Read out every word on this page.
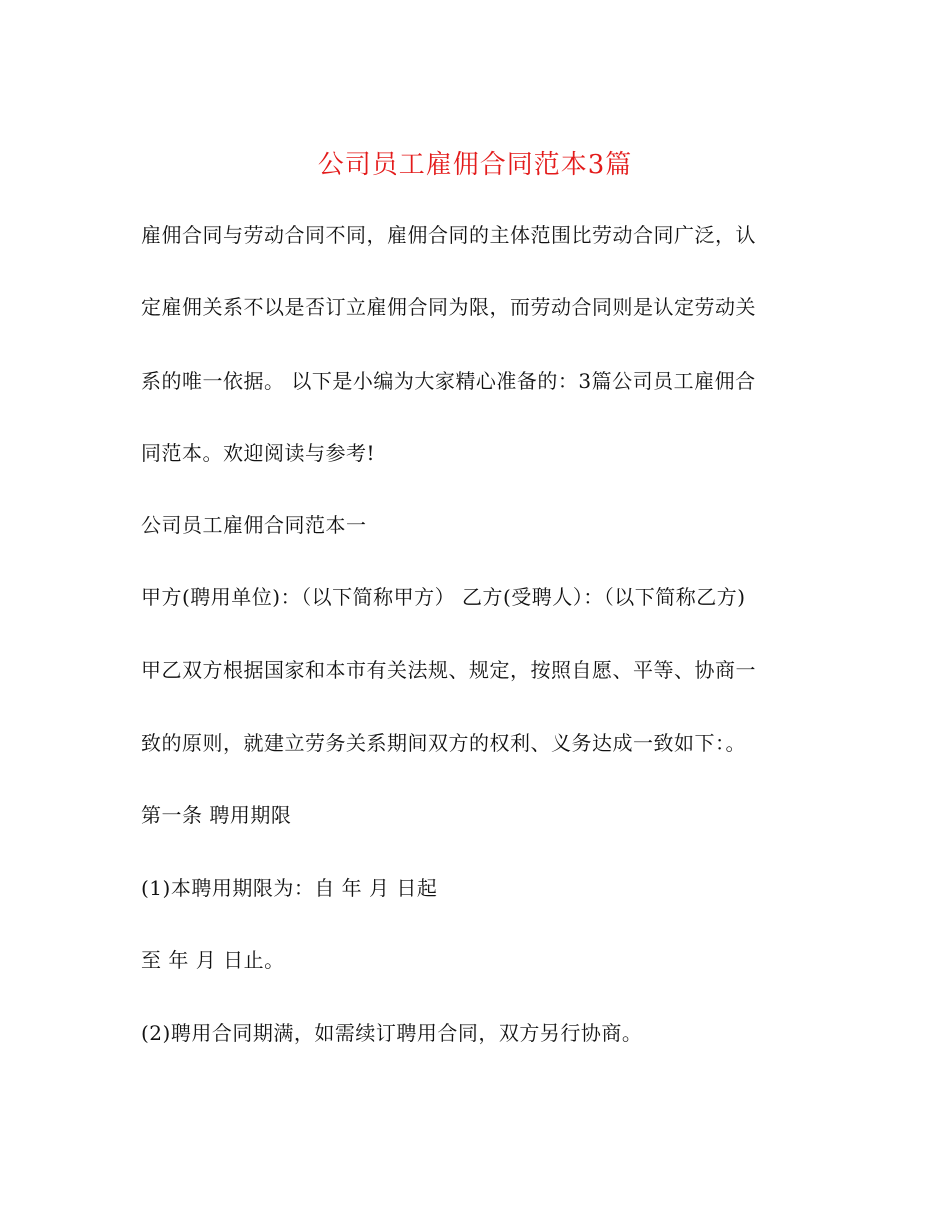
公司员工雇佣合同范本3篇
雇佣合同与劳动合同不同，雇佣合同的主体范围比劳动合同广泛，认
定雇佣关系不以是否订立雇佣合同为限，而劳动合同则是认定劳动关
系的唯一依据。 以下是小编为大家精心准备的：3篇公司员工雇佣合
同范本。欢迎阅读与参考!
公司员工雇佣合同范本一
甲方(聘用单位)：（以下简称甲方） 乙方(受聘人）：（以下简称乙方)
甲乙双方根据国家和本市有关法规、规定，按照自愿、平等、协商一
致的原则，就建立劳务关系期间双方的权利、义务达成一致如下：。
第一条 聘用期限
(1)本聘用期限为：自 年 月 日起
至 年 月 日止。
(2)聘用合同期满，如需续订聘用合同，双方另行协商。
